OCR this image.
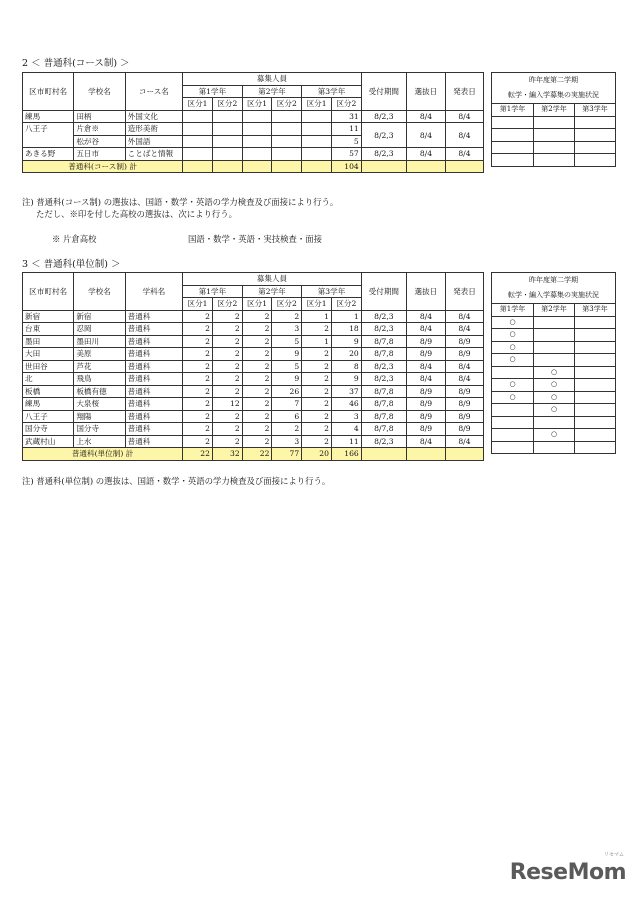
2 ＜ 普通科(コース制) ＞
区市町村名	学校名	コース名	募集人員						受付期間	選抜日	発表日
			第1学年		第2学年		第3学年				
			区分1	区分2	区分1	区分2	区分1	区分2			
練馬	田柄	外国文化						31	8/2,3	8/4	8/4
八王子	片倉※	造形美術						11	8/2,3	8/4	8/4
	松が谷	外国語						5			
あきる野	五日市	ことばと情報						57	8/2,3	8/4	8/4
普通科(コース制) 計								104			
昨年度第二学期		
転学・編入学募集の実施状況		
第1学年	第2学年	第3学年

注) 普通科(コース制) の選抜は、国語・数学・英語の学力検査及び面接により行う。
ただし、※印を付した高校の選抜は、次により行う。
※ 片倉高校	国語・数学・英語・実技検査・面接
3 ＜ 普通科(単位制) ＞
区市町村名	学校名	学科名	募集人員						受付期間	選抜日	発表日
			第1学年		第2学年		第3学年				
			区分1	区分2	区分1	区分2	区分1	区分2			
新宿	新宿	普通科	2	2	2	2	1	1	8/2,3	8/4	8/4
台東	忍岡	普通科	2	2	2	3	2	18	8/2,3	8/4	8/4
墨田	墨田川	普通科	2	2	2	5	1	9	8/7,8	8/9	8/9
大田	美原	普通科	2	2	2	9	2	20	8/7,8	8/9	8/9
世田谷	芦花	普通科	2	2	2	5	2	8	8/2,3	8/4	8/4
北	飛鳥	普通科	2	2	2	9	2	9	8/2,3	8/4	8/4
板橋	板橋有徳	普通科	2	2	2	26	2	37	8/7,8	8/9	8/9
練馬	大泉桜	普通科	2	12	2	7	2	46	8/7,8	8/9	8/9
八王子	翔陽	普通科	2	2	2	6	2	3	8/7,8	8/9	8/9
国分寺	国分寺	普通科	2	2	2	2	2	4	8/7,8	8/9	8/9
武蔵村山	上水	普通科	2	2	2	3	2	11	8/2,3	8/4	8/4
普通科(単位制) 計			22	32	22	77	20	166			
昨年度第二学期		
転学・編入学募集の実施状況		
第1学年	第2学年	第3学年
○		
○		
○		
○		
	○	
○	○	
○	○	
	○	

	○	

注) 普通科(単位制) の選抜は、国語・数学・英語の学力検査及び面接により行う。
リセマム
ReseMom
